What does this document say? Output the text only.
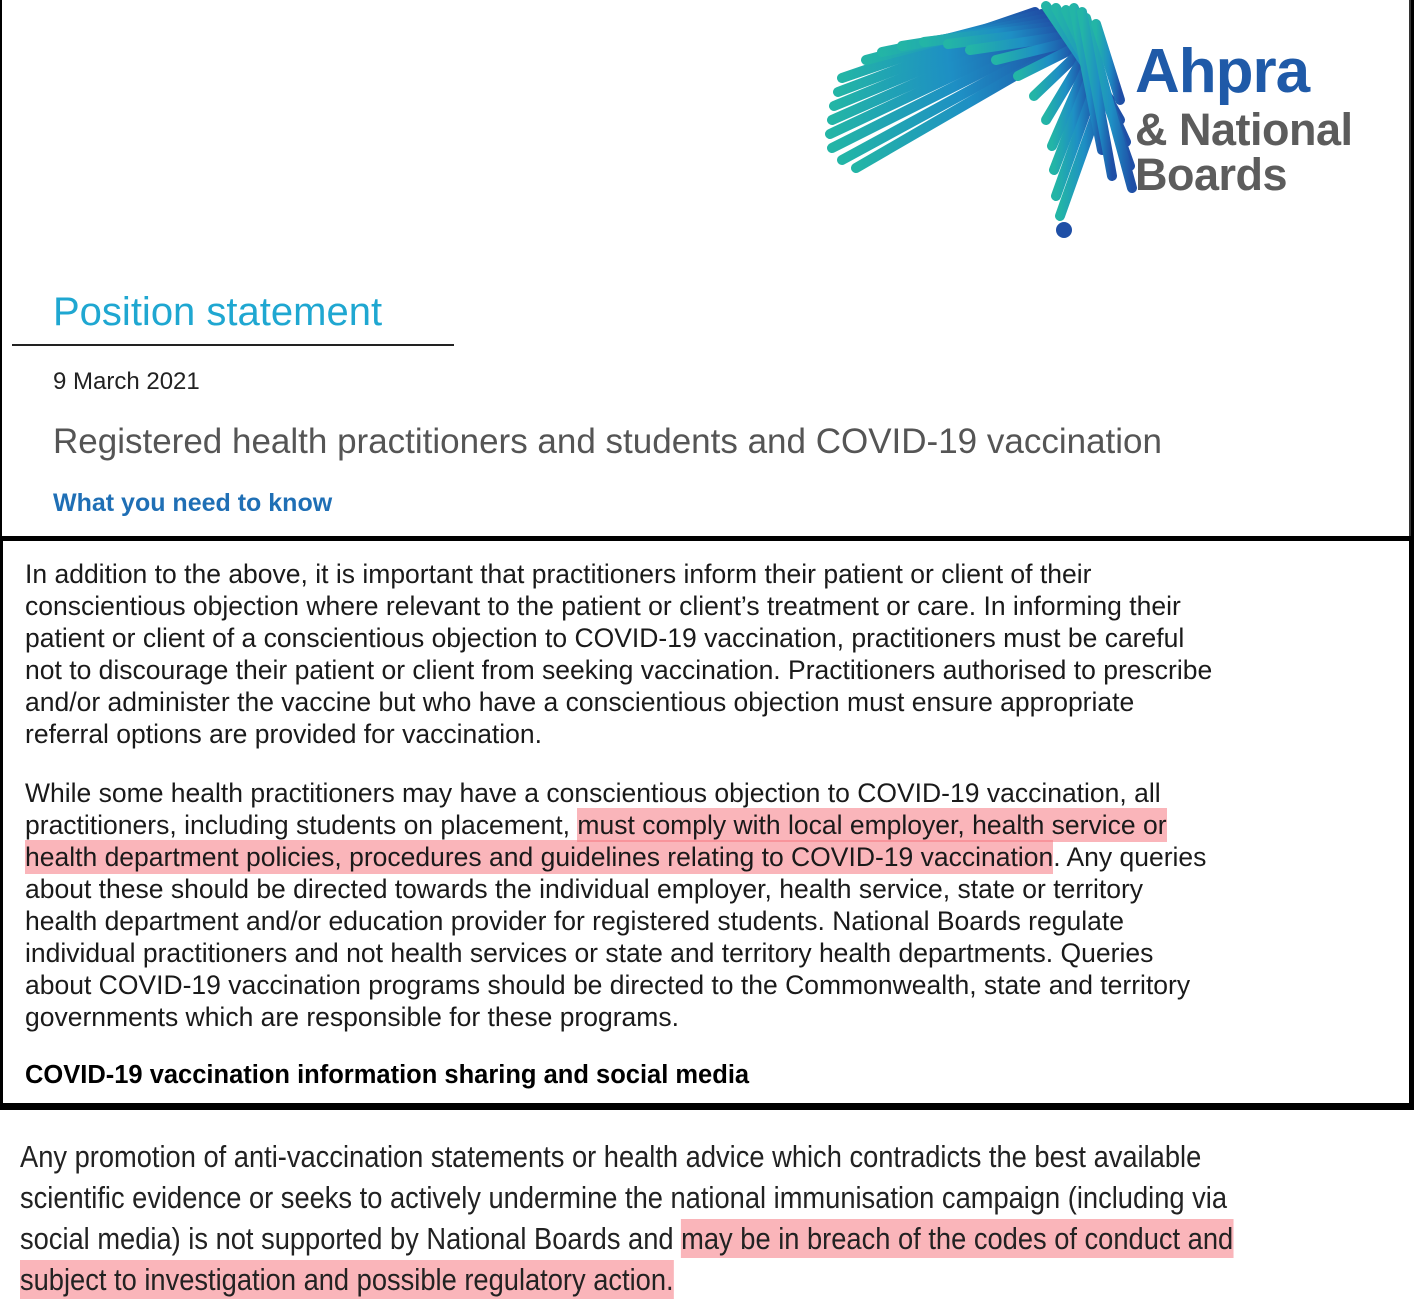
Ahpra
& National
Boards
Position statement
9 March 2021
Registered health practitioners and students and COVID-19 vaccination
What you need to know

In addition to the above, it is important that practitioners inform their patient or client of their
conscientious objection where relevant to the patient or client’s treatment or care. In informing their
patient or client of a conscientious objection to COVID-19 vaccination, practitioners must be careful
not to discourage their patient or client from seeking vaccination. Practitioners authorised to prescribe
and/or administer the vaccine but who have a conscientious objection must ensure appropriate
referral options are provided for vaccination.

While some health practitioners may have a conscientious objection to COVID-19 vaccination, all
practitioners, including students on placement, must comply with local employer, health service or
health department policies, procedures and guidelines relating to COVID-19 vaccination. Any queries
about these should be directed towards the individual employer, health service, state or territory
health department and/or education provider for registered students. National Boards regulate
individual practitioners and not health services or state and territory health departments. Queries
about COVID-19 vaccination programs should be directed to the Commonwealth, state and territory
governments which are responsible for these programs.

COVID-19 vaccination information sharing and social media

Any promotion of anti-vaccination statements or health advice which contradicts the best available
scientific evidence or seeks to actively undermine the national immunisation campaign (including via
social media) is not supported by National Boards and may be in breach of the codes of conduct and
subject to investigation and possible regulatory action.
